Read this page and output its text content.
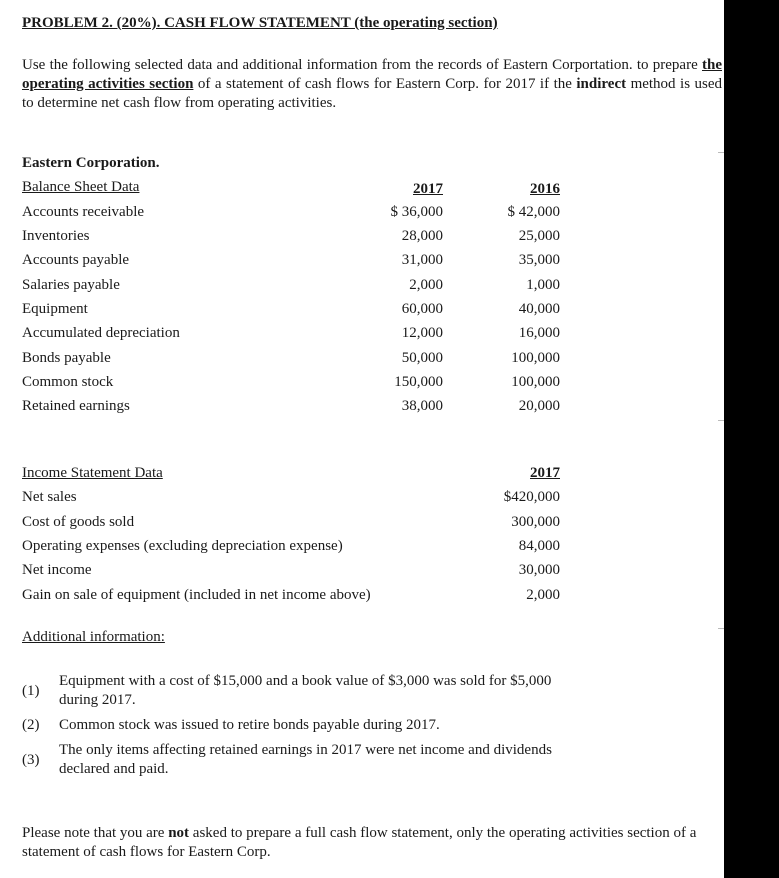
PROBLEM 2. (20%). CASH FLOW STATEMENT (the operating section)
Use the following selected data and additional information from the records of Eastern Corportation. to prepare the operating activities section of a statement of cash flows for Eastern Corp. for 2017 if the indirect method is used to determine net cash flow from operating activities.
Eastern Corporation.
Balance Sheet Data	2017	2016
Accounts receivable	$ 36,000	$ 42,000
Inventories	28,000	25,000
Accounts payable	31,000	35,000
Salaries payable	2,000	1,000
Equipment	60,000	40,000
Accumulated depreciation	12,000	16,000
Bonds payable	50,000	100,000
Common stock	150,000	100,000
Retained earnings	38,000	20,000
Income Statement Data	2017
Net sales	$420,000
Cost of goods sold	300,000
Operating expenses (excluding depreciation expense)	84,000
Net income	30,000
Gain on sale of equipment (included in net income above)	2,000
Additional information:
(1)
Equipment with a cost of $15,000 and a book value of $3,000 was sold for $5,000 during 2017.
(2) Common stock was issued to retire bonds payable during 2017.
(3)
The only items affecting retained earnings in 2017 were net income and dividends declared and paid.
Please note that you are not asked to prepare a full cash flow statement, only the operating activities section of a statement of cash flows for Eastern Corp.
